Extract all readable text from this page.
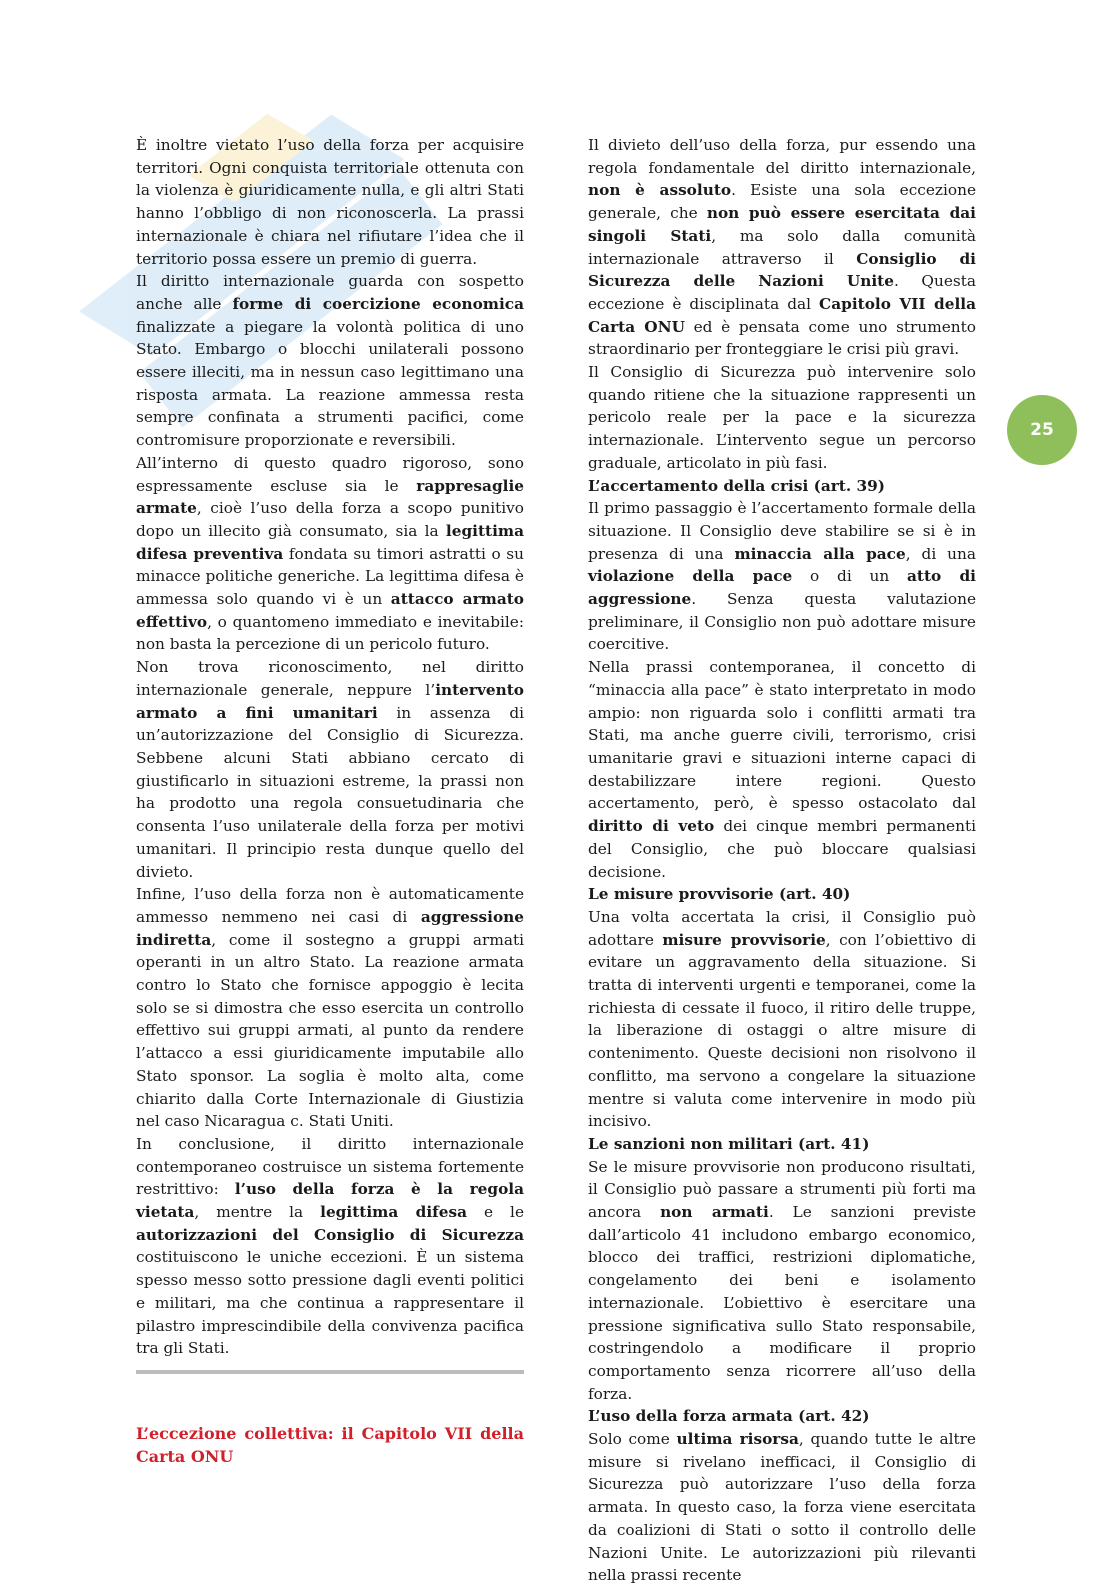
È inoltre vietato l’uso della forza per acquisire territori. Ogni conquista territoriale ottenuta con la violenza è giuridicamente nulla, e gli altri Stati hanno l’obbligo di non riconoscerla. La prassi internazionale è chiara nel rifiutare l’idea che il territorio possa essere un premio di guerra.

Il diritto internazionale guarda con sospetto anche alle forme di coercizione economica finalizzate a piegare la volontà politica di uno Stato. Embargo o blocchi unilaterali possono essere illeciti, ma in nessun caso legittimano una risposta armata. La reazione ammessa resta sempre confinata a strumenti pacifici, come contromisure proporzionate e reversibili.

All’interno di questo quadro rigoroso, sono espressamente escluse sia le rappresaglie armate, cioè l’uso della forza a scopo punitivo dopo un illecito già consumato, sia la legittima difesa preventiva fondata su timori astratti o su minacce politiche generiche. La legittima difesa è ammessa solo quando vi è un attacco armato effettivo, o quantomeno immediato e inevitabile: non basta la percezione di un pericolo futuro.

Non trova riconoscimento, nel diritto internazionale generale, neppure l’intervento armato a fini umanitari in assenza di un’autorizzazione del Consiglio di Sicurezza. Sebbene alcuni Stati abbiano cercato di giustificarlo in situazioni estreme, la prassi non ha prodotto una regola consuetudinaria che consenta l’uso unilaterale della forza per motivi umanitari. Il principio resta dunque quello del divieto.

Infine, l’uso della forza non è automaticamente ammesso nemmeno nei casi di aggressione indiretta, come il sostegno a gruppi armati operanti in un altro Stato. La reazione armata contro lo Stato che fornisce appoggio è lecita solo se si dimostra che esso esercita un controllo effettivo sui gruppi armati, al punto da rendere l’attacco a essi giuridicamente imputabile allo Stato sponsor. La soglia è molto alta, come chiarito dalla Corte Internazionale di Giustizia nel caso Nicaragua c. Stati Uniti.

In conclusione, il diritto internazionale contemporaneo costruisce un sistema fortemente restrittivo: l’uso della forza è la regola vietata, mentre la legittima difesa e le autorizzazioni del Consiglio di Sicurezza costituiscono le uniche eccezioni. È un sistema spesso messo sotto pressione dagli eventi politici e militari, ma che continua a rappresentare il pilastro imprescindibile della convivenza pacifica tra gli Stati.

L’eccezione collettiva: il Capitolo VII della Carta ONU

Il divieto dell’uso della forza, pur essendo una regola fondamentale del diritto internazionale, non è assoluto. Esiste una sola eccezione generale, che non può essere esercitata dai singoli Stati, ma solo dalla comunità internazionale attraverso il Consiglio di Sicurezza delle Nazioni Unite. Questa eccezione è disciplinata dal Capitolo VII della Carta ONU ed è pensata come uno strumento straordinario per fronteggiare le crisi più gravi.

Il Consiglio di Sicurezza può intervenire solo quando ritiene che la situazione rappresenti un pericolo reale per la pace e la sicurezza internazionale. L’intervento segue un percorso graduale, articolato in più fasi.

L’accertamento della crisi (art. 39)

Il primo passaggio è l’accertamento formale della situazione. Il Consiglio deve stabilire se si è in presenza di una minaccia alla pace, di una violazione della pace o di un atto di aggressione. Senza questa valutazione preliminare, il Consiglio non può adottare misure coercitive.

Nella prassi contemporanea, il concetto di “minaccia alla pace” è stato interpretato in modo ampio: non riguarda solo i conflitti armati tra Stati, ma anche guerre civili, terrorismo, crisi umanitarie gravi e situazioni interne capaci di destabilizzare intere regioni. Questo accertamento, però, è spesso ostacolato dal diritto di veto dei cinque membri permanenti del Consiglio, che può bloccare qualsiasi decisione.

Le misure provvisorie (art. 40)

Una volta accertata la crisi, il Consiglio può adottare misure provvisorie, con l’obiettivo di evitare un aggravamento della situazione. Si tratta di interventi urgenti e temporanei, come la richiesta di cessate il fuoco, il ritiro delle truppe, la liberazione di ostaggi o altre misure di contenimento. Queste decisioni non risolvono il conflitto, ma servono a congelare la situazione mentre si valuta come intervenire in modo più incisivo.

Le sanzioni non militari (art. 41)

Se le misure provvisorie non producono risultati, il Consiglio può passare a strumenti più forti ma ancora non armati. Le sanzioni previste dall’articolo 41 includono embargo economico, blocco dei traffici, restrizioni diplomatiche, congelamento dei beni e isolamento internazionale. L’obiettivo è esercitare una pressione significativa sullo Stato responsabile, costringendolo a modificare il proprio comportamento senza ricorrere all’uso della forza.

L’uso della forza armata (art. 42)

Solo come ultima risorsa, quando tutte le altre misure si rivelano inefficaci, il Consiglio di Sicurezza può autorizzare l’uso della forza armata. In questo caso, la forza viene esercitata da coalizioni di Stati o sotto il controllo delle Nazioni Unite. Le autorizzazioni più rilevanti nella prassi recente

25
